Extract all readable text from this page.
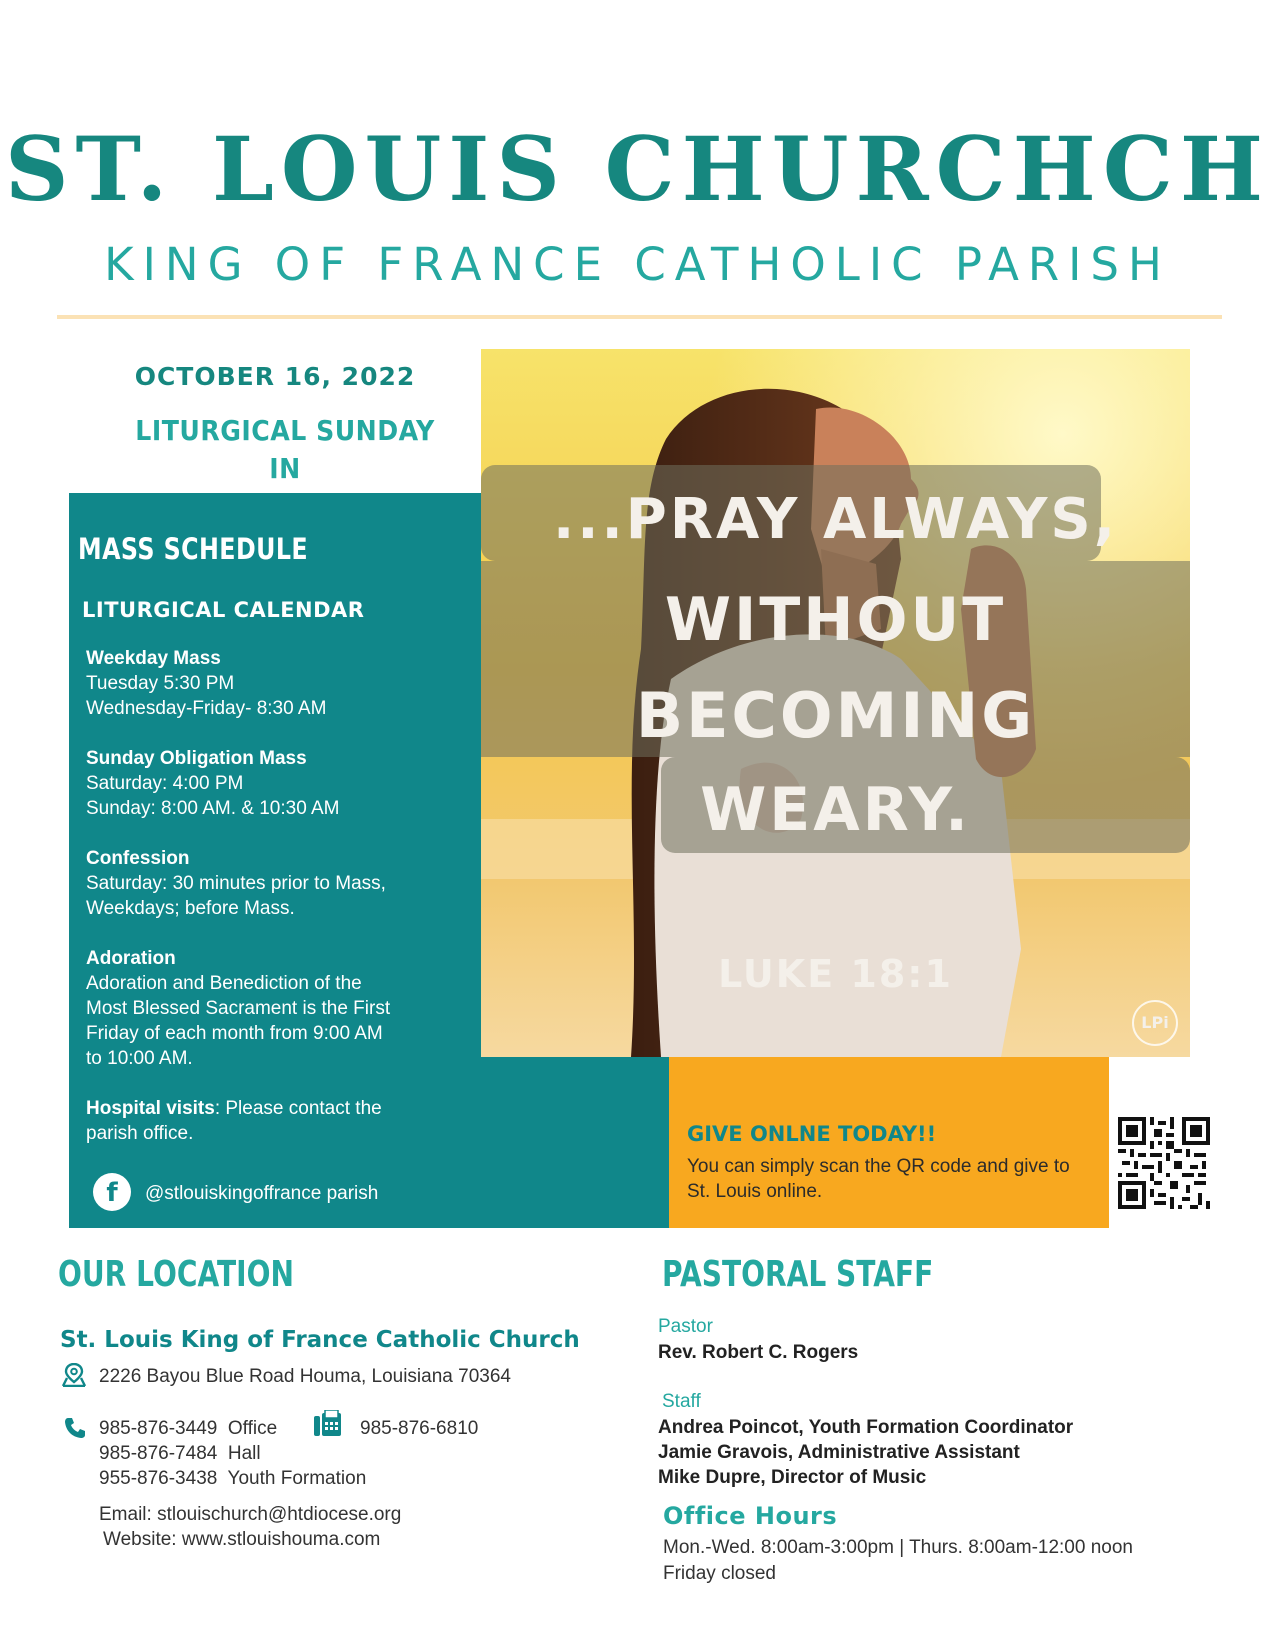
ST. LOUIS CHURCHCH
KING OF FRANCE CATHOLIC PARISH
OCTOBER 16, 2022
LITURGICAL SUNDAY IN
MASS SCHEDULE
LITURGICAL CALENDAR
Weekday Mass
Tuesday 5:30 PM
Wednesday-Friday- 8:30 AM
Sunday Obligation Mass
Saturday: 4:00 PM
Sunday: 8:00 AM. & 10:30 AM
Confession
Saturday: 30 minutes prior to Mass,
Weekdays; before Mass.
Adoration
Adoration and Benediction of the
Most Blessed Sacrament is the First
Friday of each month from 9:00 AM
to 10:00 AM.
Hospital visits: Please contact the
parish office.
f	@stlouiskingoffrance parish
...PRAY ALWAYS,
WITHOUT
BECOMING
WEARY.
LUKE 18:1
LPi
GIVE ONLNE TODAY!!
You can simply scan the QR code and give to
St. Louis online.
OUR LOCATION
St. Louis King of France Catholic Church
2226 Bayou Blue Road Houma, Louisiana 70364
985-876-3449 Office
985-876-7484 Hall
955-876-3438 Youth Formation
985-876-6810
Email: stlouischurch@htdiocese.org
Website: www.stlouishouma.com
PASTORAL STAFF
Pastor
Rev. Robert C. Rogers
Staff
Andrea Poincot, Youth Formation Coordinator
Jamie Gravois, Administrative Assistant
Mike Dupre, Director of Music
Office Hours
Mon.-Wed. 8:00am-3:00pm | Thurs. 8:00am-12:00 noon
Friday closed
